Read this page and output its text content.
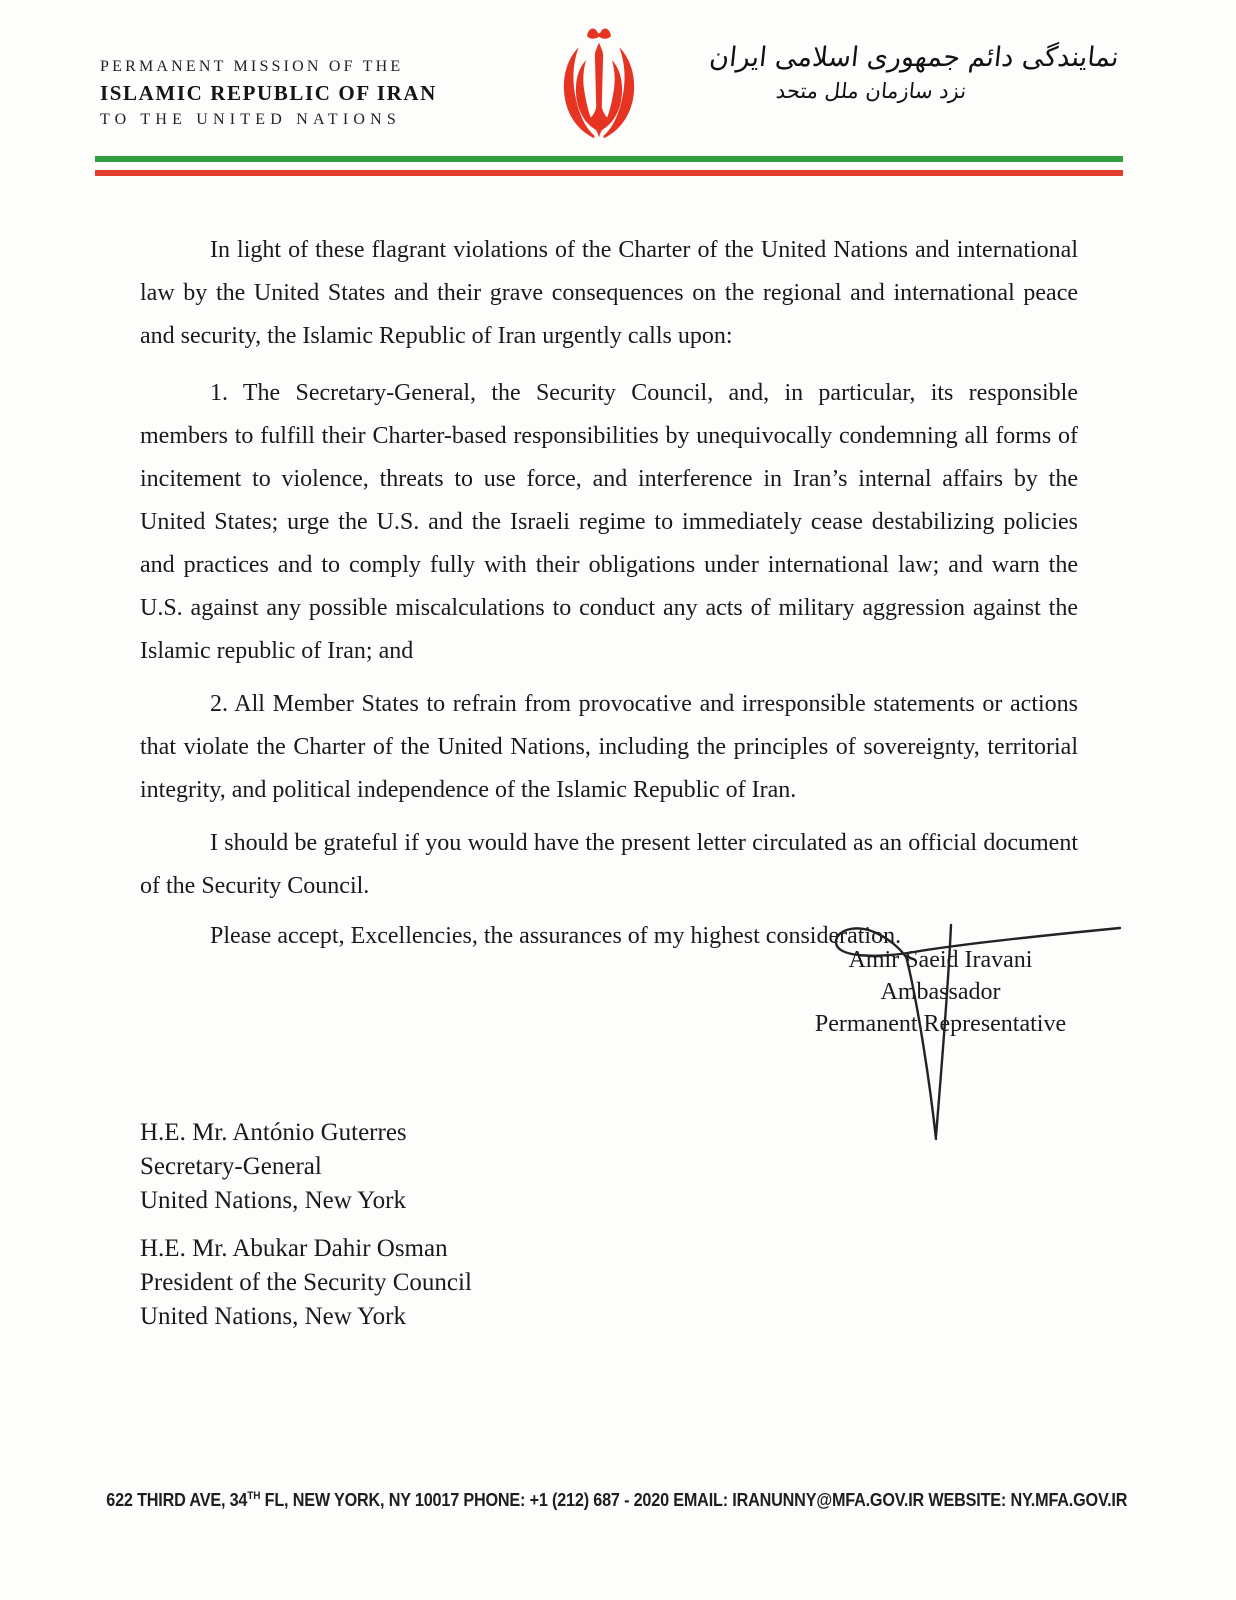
PERMANENT MISSION OF THE
ISLAMIC REPUBLIC OF IRAN
TO THE UNITED NATIONS
نمایندگی دائم جمهوری اسلامی ایران
نزد سازمان ملل متحد

In light of these flagrant violations of the Charter of the United Nations and international law by the United States and their grave consequences on the regional and international peace and security, the Islamic Republic of Iran urgently calls upon:

1. The Secretary-General, the Security Council, and, in particular, its responsible members to fulfill their Charter-based responsibilities by unequivocally condemning all forms of incitement to violence, threats to use force, and interference in Iran’s internal affairs by the United States; urge the U.S. and the Israeli regime to immediately cease destabilizing policies and practices and to comply fully with their obligations under international law; and warn the U.S. against any possible miscalculations to conduct any acts of military aggression against the Islamic republic of Iran; and

2. All Member States to refrain from provocative and irresponsible statements or actions that violate the Charter of the United Nations, including the principles of sovereignty, territorial integrity, and political independence of the Islamic Republic of Iran.

I should be grateful if you would have the present letter circulated as an official document of the Security Council.

Please accept, Excellencies, the assurances of my highest consideration.

Amir Saeid Iravani
Ambassador
Permanent Representative
H.E. Mr. António Guterres
Secretary-General
United Nations, New York
H.E. Mr. Abukar Dahir Osman
President of the Security Council
United Nations, New York
622 THIRD AVE, 34TH FL, NEW YORK, NY 10017 PHONE: +1 (212) 687 - 2020 EMAIL: IRANUNNY@MFA.GOV.IR WEBSITE: NY.MFA.GOV.IR
